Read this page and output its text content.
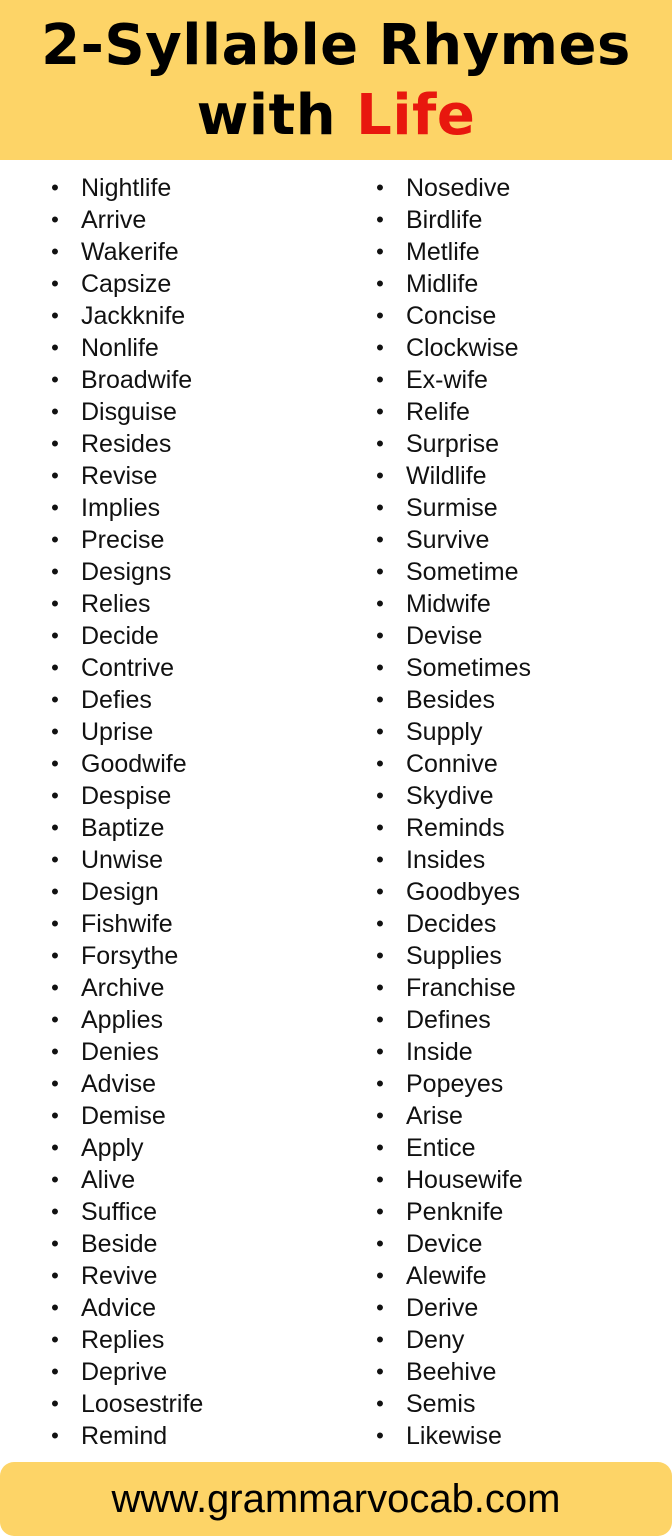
2-Syllable Rhymes
with Life
• Nightlife
• Arrive
• Wakerife
• Capsize
• Jackknife
• Nonlife
• Broadwife
• Disguise
• Resides
• Revise
• Implies
• Precise
• Designs
• Relies
• Decide
• Contrive
• Defies
• Uprise
• Goodwife
• Despise
• Baptize
• Unwise
• Design
• Fishwife
• Forsythe
• Archive
• Applies
• Denies
• Advise
• Demise
• Apply
• Alive
• Suffice
• Beside
• Revive
• Advice
• Replies
• Deprive
• Loosestrife
• Remind
• Nosedive
• Birdlife
• Metlife
• Midlife
• Concise
• Clockwise
• Ex-wife
• Relife
• Surprise
• Wildlife
• Surmise
• Survive
• Sometime
• Midwife
• Devise
• Sometimes
• Besides
• Supply
• Connive
• Skydive
• Reminds
• Insides
• Goodbyes
• Decides
• Supplies
• Franchise
• Defines
• Inside
• Popeyes
• Arise
• Entice
• Housewife
• Penknife
• Device
• Alewife
• Derive
• Deny
• Beehive
• Semis
• Likewise
www.grammarvocab.com
